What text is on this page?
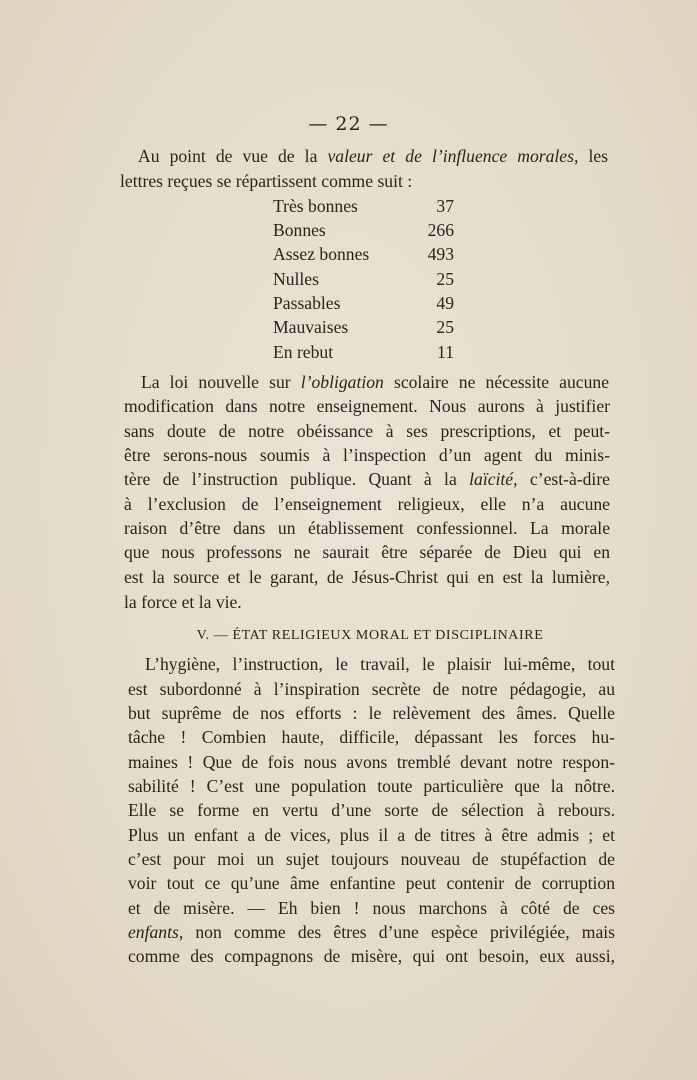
— 22 —
Au point de vue de la valeur et de l’influence morales, les
lettres reçues se répartissent comme suit :
Très bonnes	37
Bonnes	266
Assez bonnes	493
Nulles	25
Passables	49
Mauvaises	25
En rebut	11
La loi nouvelle sur l’obligation scolaire ne nécessite aucune
modification dans notre enseignement. Nous aurons à justifier
sans doute de notre obéissance à ses prescriptions, et peut-
être serons-nous soumis à l’inspection d’un agent du minis-
tère de l’instruction publique. Quant à la laïcité, c’est-à-dire
à l’exclusion de l’enseignement religieux, elle n’a aucune
raison d’être dans un établissement confessionnel. La morale
que nous professons ne saurait être séparée de Dieu qui en
est la source et le garant, de Jésus-Christ qui en est la lumière,
la force et la vie.
V. — ÉTAT RELIGIEUX MORAL ET DISCIPLINAIRE
L’hygiène, l’instruction, le travail, le plaisir lui-même, tout
est subordonné à l’inspiration secrète de notre pédagogie, au
but suprême de nos efforts : le relèvement des âmes. Quelle
tâche ! Combien haute, difficile, dépassant les forces hu-
maines ! Que de fois nous avons tremblé devant notre respon-
sabilité ! C’est une population toute particulière que la nôtre.
Elle se forme en vertu d’une sorte de sélection à rebours.
Plus un enfant a de vices, plus il a de titres à être admis ; et
c’est pour moi un sujet toujours nouveau de stupéfaction de
voir tout ce qu’une âme enfantine peut contenir de corruption
et de misère. — Eh bien ! nous marchons à côté de ces
enfants, non comme des êtres d’une espèce privilégiée, mais
comme des compagnons de misère, qui ont besoin, eux aussi,
